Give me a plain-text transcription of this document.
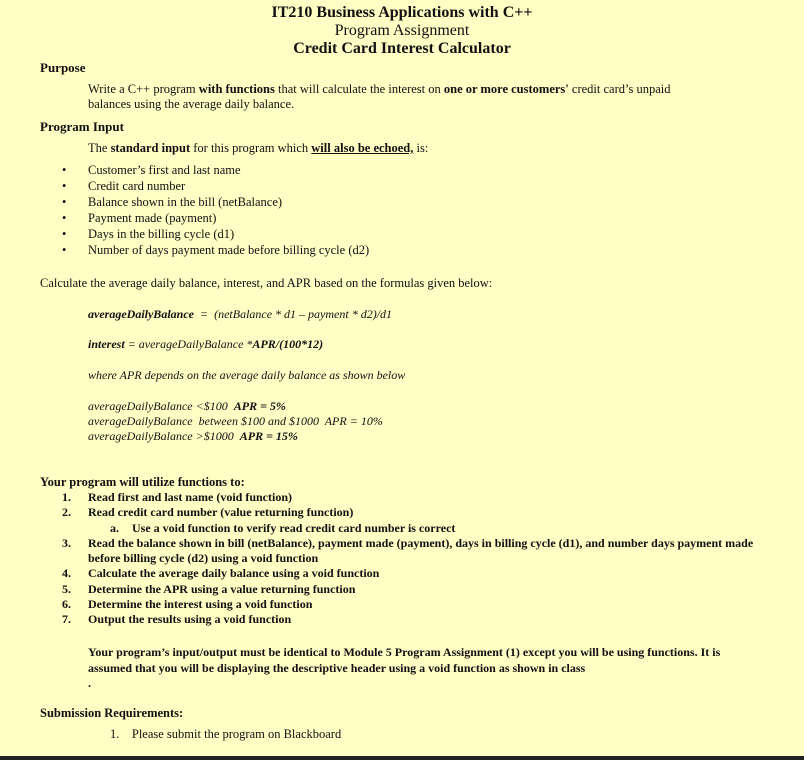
IT210 Business Applications with C++
Program Assignment
Credit Card Interest Calculator
Purpose
Write a C++ program with functions that will calculate the interest on one or more customers' credit card’s unpaid
balances using the average daily balance.
Program Input
The standard input for this program which will also be echoed, is:
• Customer’s first and last name
• Credit card number
• Balance shown in the bill (netBalance)
• Payment made (payment)
• Days in the billing cycle (d1)
• Number of days payment made before billing cycle (d2)
Calculate the average daily balance, interest, and APR based on the formulas given below:
averageDailyBalance  =  (netBalance * d1 – payment * d2)/d1
interest = averageDailyBalance *APR/(100*12)
where APR depends on the average daily balance as shown below
averageDailyBalance <$100  APR = 5%
averageDailyBalance  between $100 and $1000  APR = 10%
averageDailyBalance >$1000  APR = 15%
Your program will utilize functions to:
1. Read first and last name (void function)
2. Read credit card number (value returning function)
a. Use a void function to verify read credit card number is correct
3. Read the balance shown in bill (netBalance), payment made (payment), days in billing cycle (d1), and number days payment made before billing cycle (d2) using a void function
4. Calculate the average daily balance using a void function
5. Determine the APR using a value returning function
6. Determine the interest using a void function
7. Output the results using a void function
Your program’s input/output must be identical to Module 5 Program Assignment (1) except you will be using functions. It is assumed that you will be displaying the descriptive header using a void function as shown in class
.
Submission Requirements:
1. Please submit the program on Blackboard
